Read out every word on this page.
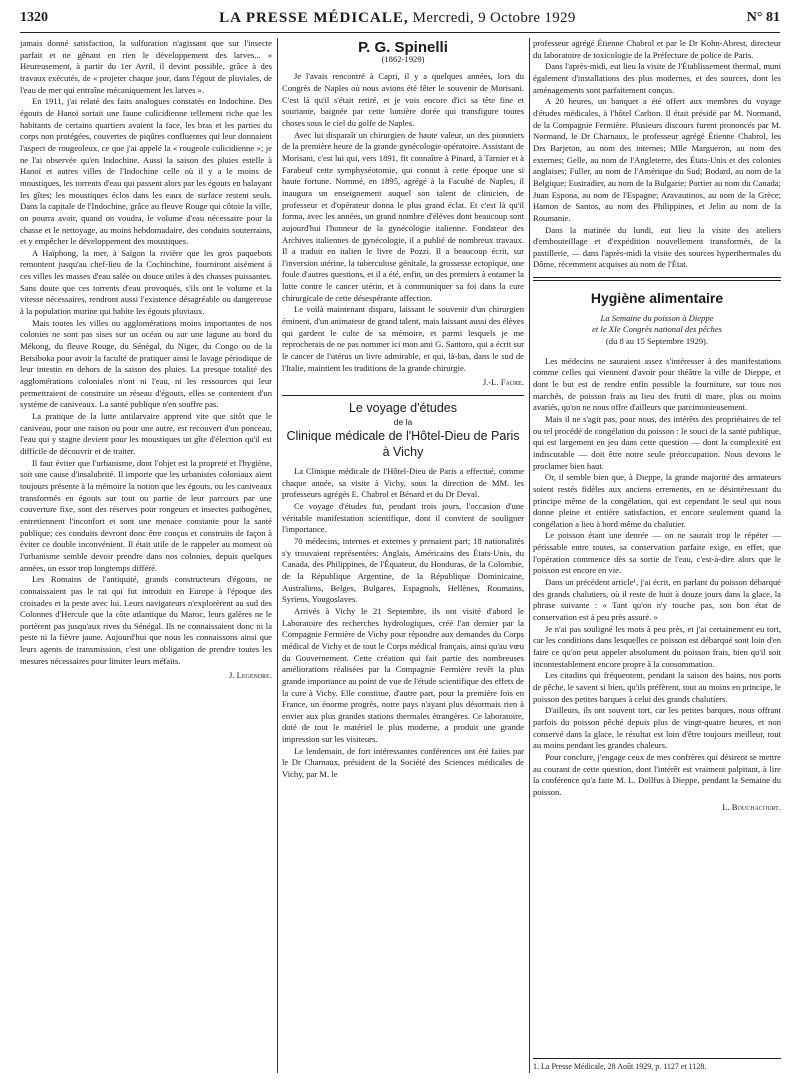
1320	LA PRESSE MÉDICALE, Mercredi, 9 Octobre 1929	N° 81

jamais donné satisfaction, la sulfuration n'agissant que sur l'insecte parfait et ne gênant en rien le développement des larves... » Heureusement, à partir du 1er Avril, il devint possible, grâce à des travaux exécutés, de « projeter chaque jour, dans l'égout de pluviales, de l'eau de mer qui entraîne mécaniquement les larves ».

En 1911, j'ai relaté des faits analogues constatés en Indochine. Des égouts de Hanoï sortait une faune culicidienne tellement riche que les habitants de certains quartiers avaient la face, les bras et les parties du corps non protégées, couvertes de piqûres confluentes qui leur donnaient l'aspect de rougeoleux, ce que j'ai appelé la « rougeole culicidienne »; je ne l'ai observée qu'en Indochine. Aussi la saison des pluies estelle à Hanoï et autres villes de l'Indochine celle où il y a le moins de moustiques, les torrents d'eau qui passent alors par les égouts en balayant les gîtes; les moustiques éclos dans les eaux de surface restent seuls. Dans la capitale de l'Indochine, grâce au fleuve Rouge qui côtoie la ville, on pourra avoir, quand on voudra, le volume d'eau nécessaire pour la chasse et le nettoyage, au moins hebdomadaire, des conduits souterrains, et y empêcher le développement des moustiques.

A Haïphong, la mer, à Saïgon la rivière que les gros paquebots remontent jusqu'au chef-lieu de la Cochinchine, fourniront aisément à ces villes les masses d'eau salée ou douce utiles à des chasses puissantes. Sans doute que ces torrents d'eau provoqués, s'ils ont le volume et la vitesse nécessaires, rendront aussi l'existence désagréable ou dangereuse à la population murine qui habite les égouts pluviaux.

Mais toutes les villes ou agglomérations moins importantes de nos colonies ne sont pas sises sur un océan ou sur une lagune au bord du Mékong, du fleuve Rouge, du Sénégal, du Niger, du Congo ou de la Betsiboka pour avoir la faculté de pratiquer ainsi le lavage périodique de leur intestin en dehors de la saison des pluies. La presque totalité des agglomérations coloniales n'ont ni l'eau, ni les ressources qui leur permettraient de construire un réseau d'égouts, elles se contentent d'un système de caniveaux. La santé publique n'en souffre pas.

La pratique de la lutte antilarvaire apprend vite que sitôt que le caniveau, pour une raison ou pour une autre, est recouvert d'un ponceau, l'eau qui y stagne devient pour les moustiques un gîte d'élection qu'il est difficile de découvrir et de traiter.

Il faut éviter que l'urbanisme, dont l'objet est la propreté et l'hygiène, soit une cause d'insalubrité. Il importe que les urbanistes coloniaux aient toujours présente à la mémoire la notion que les égouts, ou les caniveaux transformés en égouts sur tout ou partie de leur parcours par une couverture fixe, sont des réserves pour rongeurs et insectes pathogènes, entretiennent l'inconfort et sont une menace constante pour la santé publique; ces conduits devront donc être conçus et construits de façon à éviter ce double inconvénient. Il était utile de le rappeler au moment où l'urbanisme semble devoir prendre dans nos colonies, depuis quelques années, un essor trop longtemps différé.

Les Romains de l'antiquité, grands constructeurs d'égouts, ne connaissaient pas le rat qui fut introduit en Europe à l'époque des croisades et la peste avec lui. Leurs navigateurs n'explorèrent au sud des Colonnes d'Hercule que la côte atlantique du Maroc, leurs galères ne le portèrent pas jusqu'aux rives du Sénégal. Ils ne connaissaient donc ni la peste ni la fièvre jaune. Aujourd'hui que nous les connaissons ainsi que leurs agents de transmission, c'est une obligation de prendre toutes les mesures nécessaires pour limiter leurs méfaits.

J. Legendre.
P. G. Spinelli
(1862-1929)

Je l'avais rencontré à Capri, il y a quelques années, lors du Congrès de Naples où nous avions été fêter le souvenir de Morisani. C'est là qu'il s'était retiré, et je vois encore d'ici sa tête fine et souriante, baignée par cette lumière dorée qui transfigure toutes choses sous le ciel du golfe de Naples.

Avec lui disparaît un chirurgien de haute valeur, un des pionniers de la première heure de la grande gynécologie opératoire. Assistant de Morisani, c'est lui qui, vers 1891, fit connaître à Pinard, à Tarnier et à Farabeuf cette symphyséotomie, qui connut à cette époque une si haute fortune. Nommé, en 1895, agrégé à la Faculté de Naples, il inaugura un enseignement auquel son talent de clinicien, de professeur et d'opérateur donna le plus grand éclat. Et c'est là qu'il forma, avec les années, un grand nombre d'élèves dont beaucoup sont aujourd'hui l'honneur de la gynécologie italienne. Fondateur des Archives italiennes de gynécologie, il a publié de nombreux travaux. Il a traduit en italien le livre de Pozzi. Il a beaucoup écrit, sur l'inversion utérine, la tuberculose génitale, la grossesse ectopique, une foule d'autres questions, et il a été, enfin, un des premiers à entamer la lutte contre le cancer utérin, et à communiquer sa foi dans la cure chirurgicale de cette désespérante affection.

Le voilà maintenant disparu, laissant le souvenir d'un chirurgien éminent, d'un animateur de grand talent, mais laissant aussi des élèves qui gardent le culte de sa mémoire, et parmi lesquels je me reprocherais de ne pas nommer ici mon ami G. Santoro, qui a écrit sur le cancer de l'utérus un livre admirable, et qui, là-bas, dans le sud de l'Italie, maintient les traditions de la grande chirurgie.

J.-L. Faure.
Le voyage d'études
de la
Clinique médicale de l'Hôtel-Dieu de Paris
à Vichy

La Clinique médicale de l'Hôtel-Dieu de Paris a effectué, comme chaque année, sa visite à Vichy, sous la direction de MM. les professeurs agrégés E. Chabrol et Bénard et du Dr Deval.

Ce voyage d'études fut, pendant trois jours, l'occasion d'une véritable manifestation scientifique, dont il convient de souligner l'importance.

70 médecins, internes et externes y prenaient part; 18 nationalités s'y trouvaient représentées: Anglais, Américains des États-Unis, du Canada, des Philippines, de l'Équateur, du Honduras, de la Colombie, de la République Argentine, de la République Dominicaine, Australiens, Belges, Bulgares, Espagnols, Hellènes, Roumains, Syriens, Yougoslaves.

Arrivés à Vichy le 21 Septembre, ils ont visité d'abord le Laboratoire des recherches hydrologiques, créé l'an dernier par la Compagnie Fermière de Vichy pour répondre aux demandes du Corps médical de Vichy et de tout le Corps médical français, ainsi qu'au vœu du Gouvernement. Cette création qui fait partie des nombreuses améliorations réalisées par la Compagnie Fermière revêt la plus grande importance au point de vue de l'étude scientifique des effets de la cure à Vichy. Elle constitue, d'autre part, pour la première fois en France, un énorme progrès, notre pays n'ayant plus désormais rien à envier aux plus grandes stations thermales étrangères. Ce laboratoire, doté de tout le matériel le plus moderne, a produit une grande impression sur les visiteurs.

Le lendemain, de fort intéressantes conférences ont été faites par le Dr Charnaux, président de la Société des Sciences médicales de Vichy, par M. le

professeur agrégé Étienne Chabrol et par le Dr Kohn-Abrest, directeur du laboratoire de toxicologie de la Préfecture de police de Paris.

Dans l'après-midi, eut lieu la visite de l'Établissement thermal, muni également d'installations des plus modernes, et des sources, dont les aménagements sont parfaitement conçus.

A 20 heures, un banquet a été offert aux membres du voyage d'études médicales, à l'hôtel Carlton. Il était présidé par M. Normand, de la Compagnie Fermière. Plusieurs discours furent prononcés par M. Normand, le Dr Charnaux, le professeur agrégé Étienne Chabrol, les Drs Barjeton, au nom des internes; Mlle Margueron, au nom des externes; Gelle, au nom de l'Angleterre, des États-Unis et des colonies anglaises; Fuller, au nom de l'Amérique du Sud; Bodard, au nom de la Belgique; Eustradier, au nom de la Bulgarie; Portier au nom du Canada; Juan Espona, au nom de l'Espagne; Aravautinos, au nom de la Grèce; Hamon de Santos, au nom des Philippines, et Jelin au nom de la Roumanie.

Dans la matinée du lundi, eut lieu la visite des ateliers d'embouteillage et d'expédition nouvellement transformés, de la pastillerie, — dans l'après-midi la visite des sources hyperthermales du Dôme, récemment acquises au nom de l'État.

Hygiène alimentaire
La Semaine du poisson à Dieppe
et le XIe Congrès national des pêches
(du 8 au 15 Septembre 1929).

Les médecins ne sauraient assez s'intéresser à des manifestations comme celles qui viennent d'avoir pour théâtre la ville de Dieppe, et dont le but est de rendre enfin possible la fourniture, sur tous nos marchés, de poisson frais au lieu des frutti di mare, plus ou moins avariés, qu'on ne nous offre d'ailleurs que parcimonieusement.

Mais il ne s'agit pas, pour nous, des intérêts des propriétaires de tel ou tel procédé de congélation du poisson : le souci de la santé publique, qui est largement en jeu dans cette question — dont la complexité est indiscutable — doit être notre seule préoccupation. Nous devons le proclamer bien haut.

Or, il semble bien que, à Dieppe, la grande majorité des armateurs soient restés fidèles aux anciens errements, en se désintéressant du principe même de la congélation, qui est cependant le seul qui nous donne pleine et entière satisfaction, et encore seulement quand la congélation a lieu à bord même du chalutier.

Le poisson étant une denrée — on ne saurait trop le répéter — périssable entre toutes, sa conservation parfaite exige, en effet, que l'opération commence dès sa sortie de l'eau, c'est-à-dire alors que le poisson est encore en vie.

Dans un précédent article¹, j'ai écrit, en parlant du poisson débarqué des grands chalutiers, où il reste de huit à douze jours dans la glace, la phrase suivante : « Tant qu'on n'y touche pas, son bon état de conservation est à peu près assuré. »

Je n'ai pas souligné les mots à peu près, et j'ai certainement eu tort, car les conditions dans lesquelles ce poisson est débarqué sont loin d'en faire ce qu'on peut appeler absolument du poisson frais, bien qu'il soit incontestablement encore propre à la consommation.

Les citadins qui fréquentent, pendant la saison des bains, nos ports de pêche, le savent si bien, qu'ils préfèrent, tout au moins en principe, le poisson des petites barques à celui des grands chalutiers.

D'ailleurs, ils ont souvent tort, car les petites barques, nous offrant parfois du poisson pêché depuis plus de vingt-quatre heures, et non conservé dans la glace, le résultat est loin d'être toujours meilleur, tout au moins pendant les grandes chaleurs.

Pour conclure, j'engage ceux de mes confrères qui désirent se mettre au courant de cette question, dont l'intérêt est vraiment palpitant, à lire la conférence qu'a faite M. L. Dollfus à Dieppe, pendant la Semaine du poisson.

L. Bouchacourt.
1. La Presse Médicale, 28 Août 1929, p. 1127 et 1128.
